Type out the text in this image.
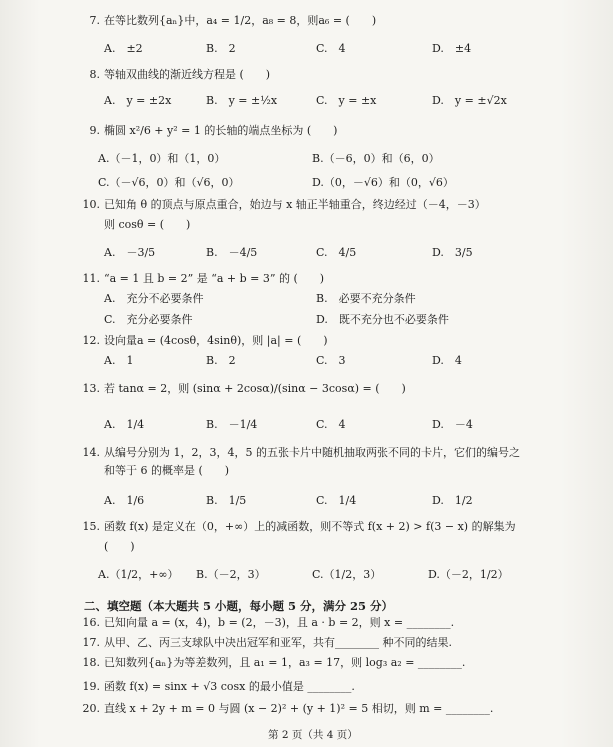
7. 在等比数列{aₙ}中，a₄ = 1/2，a₈ = 8，则a₆ = (　　)
A.　±2	B.　2	C.　4	D.　±4
8. 等轴双曲线的渐近线方程是 (　　)
A.　y = ±2x	B.　y = ±½x	C.　y = ±x	D.　y = ±√2x
9. 椭圆 x²/6 + y² = 1 的长轴的端点坐标为 (　　)
A.（－1，0）和（1，0）	B.（－6，0）和（6，0）
C.（－√6，0）和（√6，0）	D.（0，－√6）和（0，√6）
10. 已知角 θ 的顶点与原点重合，始边与 x 轴正半轴重合，终边经过（－4，－3）
则 cosθ = (　　)
A.　－3/5	B.　－4/5	C.　4/5	D.　3/5
11. “a = 1 且 b = 2” 是 “a + b = 3” 的 (　　)
A.　充分不必要条件	B.　必要不充分条件
C.　充分必要条件	D.　既不充分也不必要条件
12. 设向量a = (4cosθ，4sinθ)，则 |a| = (　　)
A.　1	B.　2	C.　3	D.　4
13. 若 tanα = 2，则 (sinα + 2cosα)/(sinα − 3cosα) = (　　)
A.　1/4	B.　－1/4	C.　4	D.　－4
14. 从编号分别为 1，2，3，4，5 的五张卡片中随机抽取两张不同的卡片，它们的编号之
和等于 6 的概率是 (　　)
A.　1/6	B.　1/5	C.　1/4	D.　1/2
15. 函数 f(x) 是定义在（0，+∞）上的减函数，则不等式 f(x + 2) > f(3 − x) 的解集为
(　　)
A.（1/2，+∞） B.（－2，3）	C.（1/2，3）	D.（－2，1/2）
二、填空题（本大题共 5 小题，每小题 5 分，满分 25 分）
16. 已知向量 a = (x，4)，b = (2，－3)，且 a · b = 2，则 x = ________.
17. 从甲、乙、丙三支球队中决出冠军和亚军，共有________ 种不同的结果.
18. 已知数列{aₙ}为等差数列，且 a₁ = 1，a₃ = 17，则 log₃ a₂ = ________.
19. 函数 f(x) = sinx + √3 cosx 的最小值是 ________.
20. 直线 x + 2y + m = 0 与圆 (x − 2)² + (y + 1)² = 5 相切，则 m = ________.
第 2 页（共 4 页）
